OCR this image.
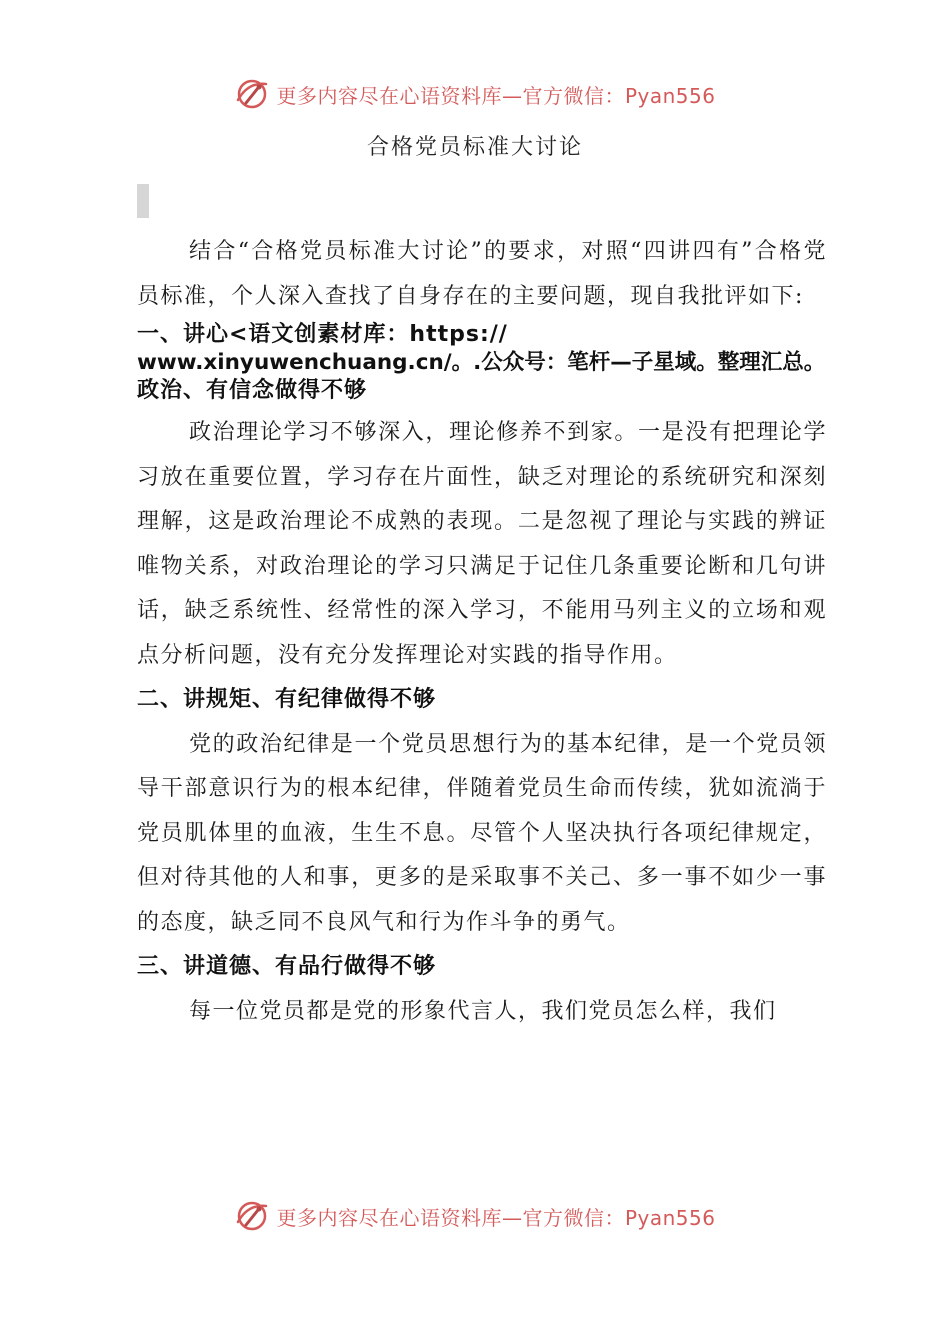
更多内容尽在心语资料库—官方微信：Pyan556
合格党员标准大讨论

结合“合格党员标准大讨论”的要求，对照“四讲四有”合格党员标准，个人深入查找了自身存在的主要问题，现自我批评如下:

一、讲心<语文创素材库：https://
www.xinyuwenchuang.cn/。.公众号：笔杆—子星域。整理汇总。
政治、有信念做得不够

政治理论学习不够深入，理论修养不到家。一是没有把理论学习放在重要位置，学习存在片面性，缺乏对理论的系统研究和深刻理解，这是政治理论不成熟的表现。二是忽视了理论与实践的辨证唯物关系，对政治理论的学习只满足于记住几条重要论断和几句讲话，缺乏系统性、经常性的深入学习，不能用马列主义的立场和观点分析问题，没有充分发挥理论对实践的指导作用。

二、讲规矩、有纪律做得不够

党的政治纪律是一个党员思想行为的基本纪律，是一个党员领导干部意识行为的根本纪律，伴随着党员生命而传续，犹如流淌于党员肌体里的血液，生生不息。尽管个人坚决执行各项纪律规定，但对待其他的人和事，更多的是采取事不关己、多一事不如少一事的态度，缺乏同不良风气和行为作斗争的勇气。

三、讲道德、有品行做得不够

每一位党员都是党的形象代言人，我们党员怎么样，我们

更多内容尽在心语资料库—官方微信：Pyan556
